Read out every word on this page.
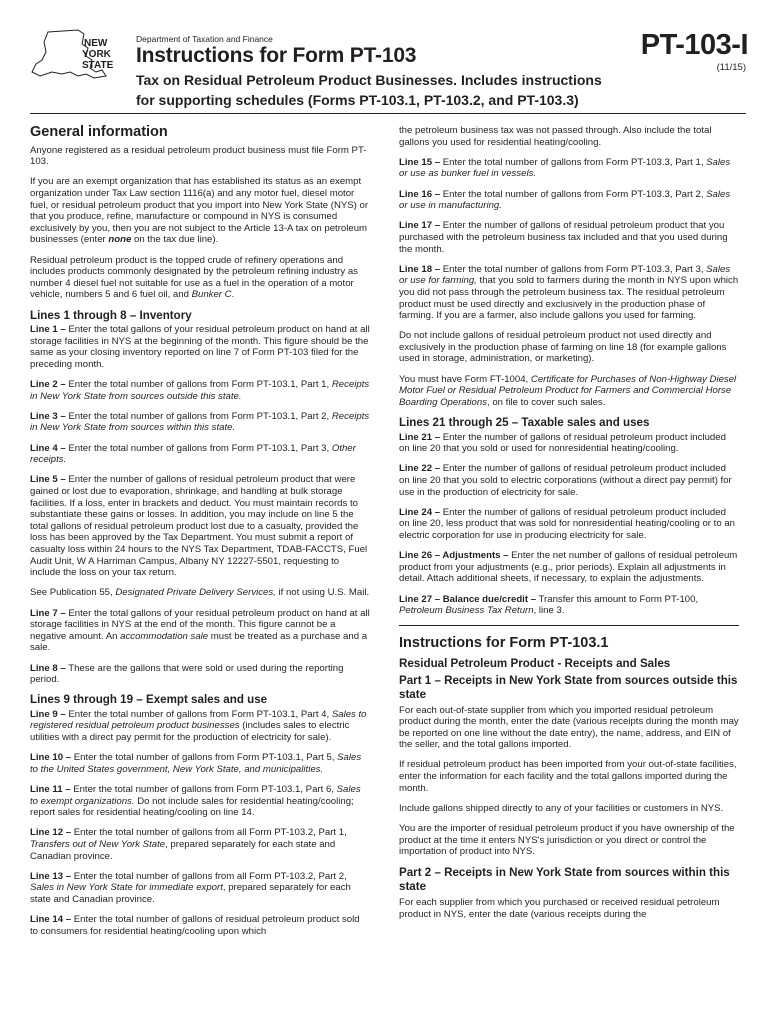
NEW
YORK
STATE
Department of Taxation and Finance
Instructions for Form PT-103
Tax on Residual Petroleum Product Businesses. Includes instructions for supporting schedules (Forms PT-103.1, PT-103.2, and PT-103.3)
PT-103-I
(11/15)
General information

Anyone registered as a residual petroleum product business must file Form PT-103.

If you are an exempt organization that has established its status as an exempt organization under Tax Law section 1116(a) and any motor fuel, diesel motor fuel, or residual petroleum product that you import into New York State (NYS) or that you produce, refine, manufacture or compound in NYS is consumed exclusively by you, then you are not subject to the Article 13-A tax on petroleum businesses (enter none on the tax due line).

Residual petroleum product is the topped crude of refinery operations and includes products commonly designated by the petroleum refining industry as number 4 diesel fuel not suitable for use as a fuel in the operation of a motor vehicle, numbers 5 and 6 fuel oil, and Bunker C.

Lines 1 through 8 – Inventory

Line 1 – Enter the total gallons of your residual petroleum product on hand at all storage facilities in NYS at the beginning of the month. This figure should be the same as your closing inventory reported on line 7 of Form PT-103 filed for the preceding month.

Line 2 – Enter the total number of gallons from Form PT-103.1, Part 1, Receipts in New York State from sources outside this state.

Line 3 – Enter the total number of gallons from Form PT-103.1, Part 2, Receipts in New York State from sources within this state.

Line 4 – Enter the total number of gallons from Form PT-103.1, Part 3, Other receipts.

Line 5 – Enter the number of gallons of residual petroleum product that were gained or lost due to evaporation, shrinkage, and handling at bulk storage facilities. If a loss, enter in brackets and deduct. You must maintain records to substantiate these gains or losses. In addition, you may include on line 5 the total gallons of residual petroleum product lost due to a casualty, provided the loss has been approved by the Tax Department. You must submit a report of casualty loss within 24 hours to the NYS Tax Department, TDAB-FACCTS, Fuel Audit Unit, W A Harriman Campus, Albany NY 12227-5501, requesting to include the loss on your tax return.

See Publication 55, Designated Private Delivery Services, if not using U.S. Mail.

Line 7 – Enter the total gallons of your residual petroleum product on hand at all storage facilities in NYS at the end of the month. This figure cannot be a negative amount. An accommodation sale must be treated as a purchase and a sale.

Line 8 – These are the gallons that were sold or used during the reporting period.

Lines 9 through 19 – Exempt sales and use

Line 9 – Enter the total number of gallons from Form PT-103.1, Part 4, Sales to registered residual petroleum product businesses (includes sales to electric utilities with a direct pay permit for the production of electricity for sale).

Line 10 – Enter the total number of gallons from Form PT-103.1, Part 5, Sales to the United States government, New York State, and municipalities.

Line 11 – Enter the total number of gallons from Form PT-103.1, Part 6, Sales to exempt organizations. Do not include sales for residential heating/cooling; report sales for residential heating/cooling on line 14.

Line 12 – Enter the total number of gallons from all Form PT-103.2, Part 1, Transfers out of New York State, prepared separately for each state and Canadian province.

Line 13 – Enter the total number of gallons from all Form PT-103.2, Part 2, Sales in New York State for immediate export, prepared separately for each state and Canadian province.

Line 14 – Enter the total number of gallons of residual petroleum product sold to consumers for residential heating/cooling upon which

the petroleum business tax was not passed through. Also include the total gallons you used for residential heating/cooling.

Line 15 – Enter the total number of gallons from Form PT-103.3, Part 1, Sales or use as bunker fuel in vessels.

Line 16 – Enter the total number of gallons from Form PT-103.3, Part 2, Sales or use in manufacturing.

Line 17 – Enter the number of gallons of residual petroleum product that you purchased with the petroleum business tax included and that you used during the month.

Line 18 – Enter the total number of gallons from Form PT-103.3, Part 3, Sales or use for farming, that you sold to farmers during the month in NYS upon which you did not pass through the petroleum business tax. The residual petroleum product must be used directly and exclusively in the production phase of farming. If you are a farmer, also include gallons you used for farming.

Do not include gallons of residual petroleum product not used directly and exclusively in the production phase of farming on line 18 (for example gallons used in storage, administration, or marketing).

You must have Form FT-1004, Certificate for Purchases of Non-Highway Diesel Motor Fuel or Residual Petroleum Product for Farmers and Commercial Horse Boarding Operations, on file to cover such sales.

Lines 21 through 25 – Taxable sales and uses

Line 21 – Enter the number of gallons of residual petroleum product included on line 20 that you sold or used for nonresidential heating/cooling.

Line 22 – Enter the number of gallons of residual petroleum product included on line 20 that you sold to electric corporations (without a direct pay permit) for use in the production of electricity for sale.

Line 24 – Enter the number of gallons of residual petroleum product included on line 20, less product that was sold for nonresidential heating/cooling or to an electric corporation for use in producing electricity for sale.

Line 26 – Adjustments – Enter the net number of gallons of residual petroleum product from your adjustments (e.g., prior periods). Explain all adjustments in detail. Attach additional sheets, if necessary, to explain the adjustments.

Line 27 – Balance due/credit – Transfer this amount to Form PT-100, Petroleum Business Tax Return, line 3.

Instructions for Form PT-103.1
Residual Petroleum Product - Receipts and Sales
Part 1 – Receipts in New York State from sources outside this state

For each out-of-state supplier from which you imported residual petroleum product during the month, enter the date (various receipts during the month may be reported on one line without the date entry), the name, address, and EIN of the seller, and the total gallons imported.

If residual petroleum product has been imported from your out-of-state facilities, enter the information for each facility and the total gallons imported during the month.

Include gallons shipped directly to any of your facilities or customers in NYS.

You are the importer of residual petroleum product if you have ownership of the product at the time it enters NYS's jurisdiction or you direct or control the importation of product into NYS.

Part 2 – Receipts in New York State from sources within this state

For each supplier from which you purchased or received residual petroleum product in NYS, enter the date (various receipts during the
